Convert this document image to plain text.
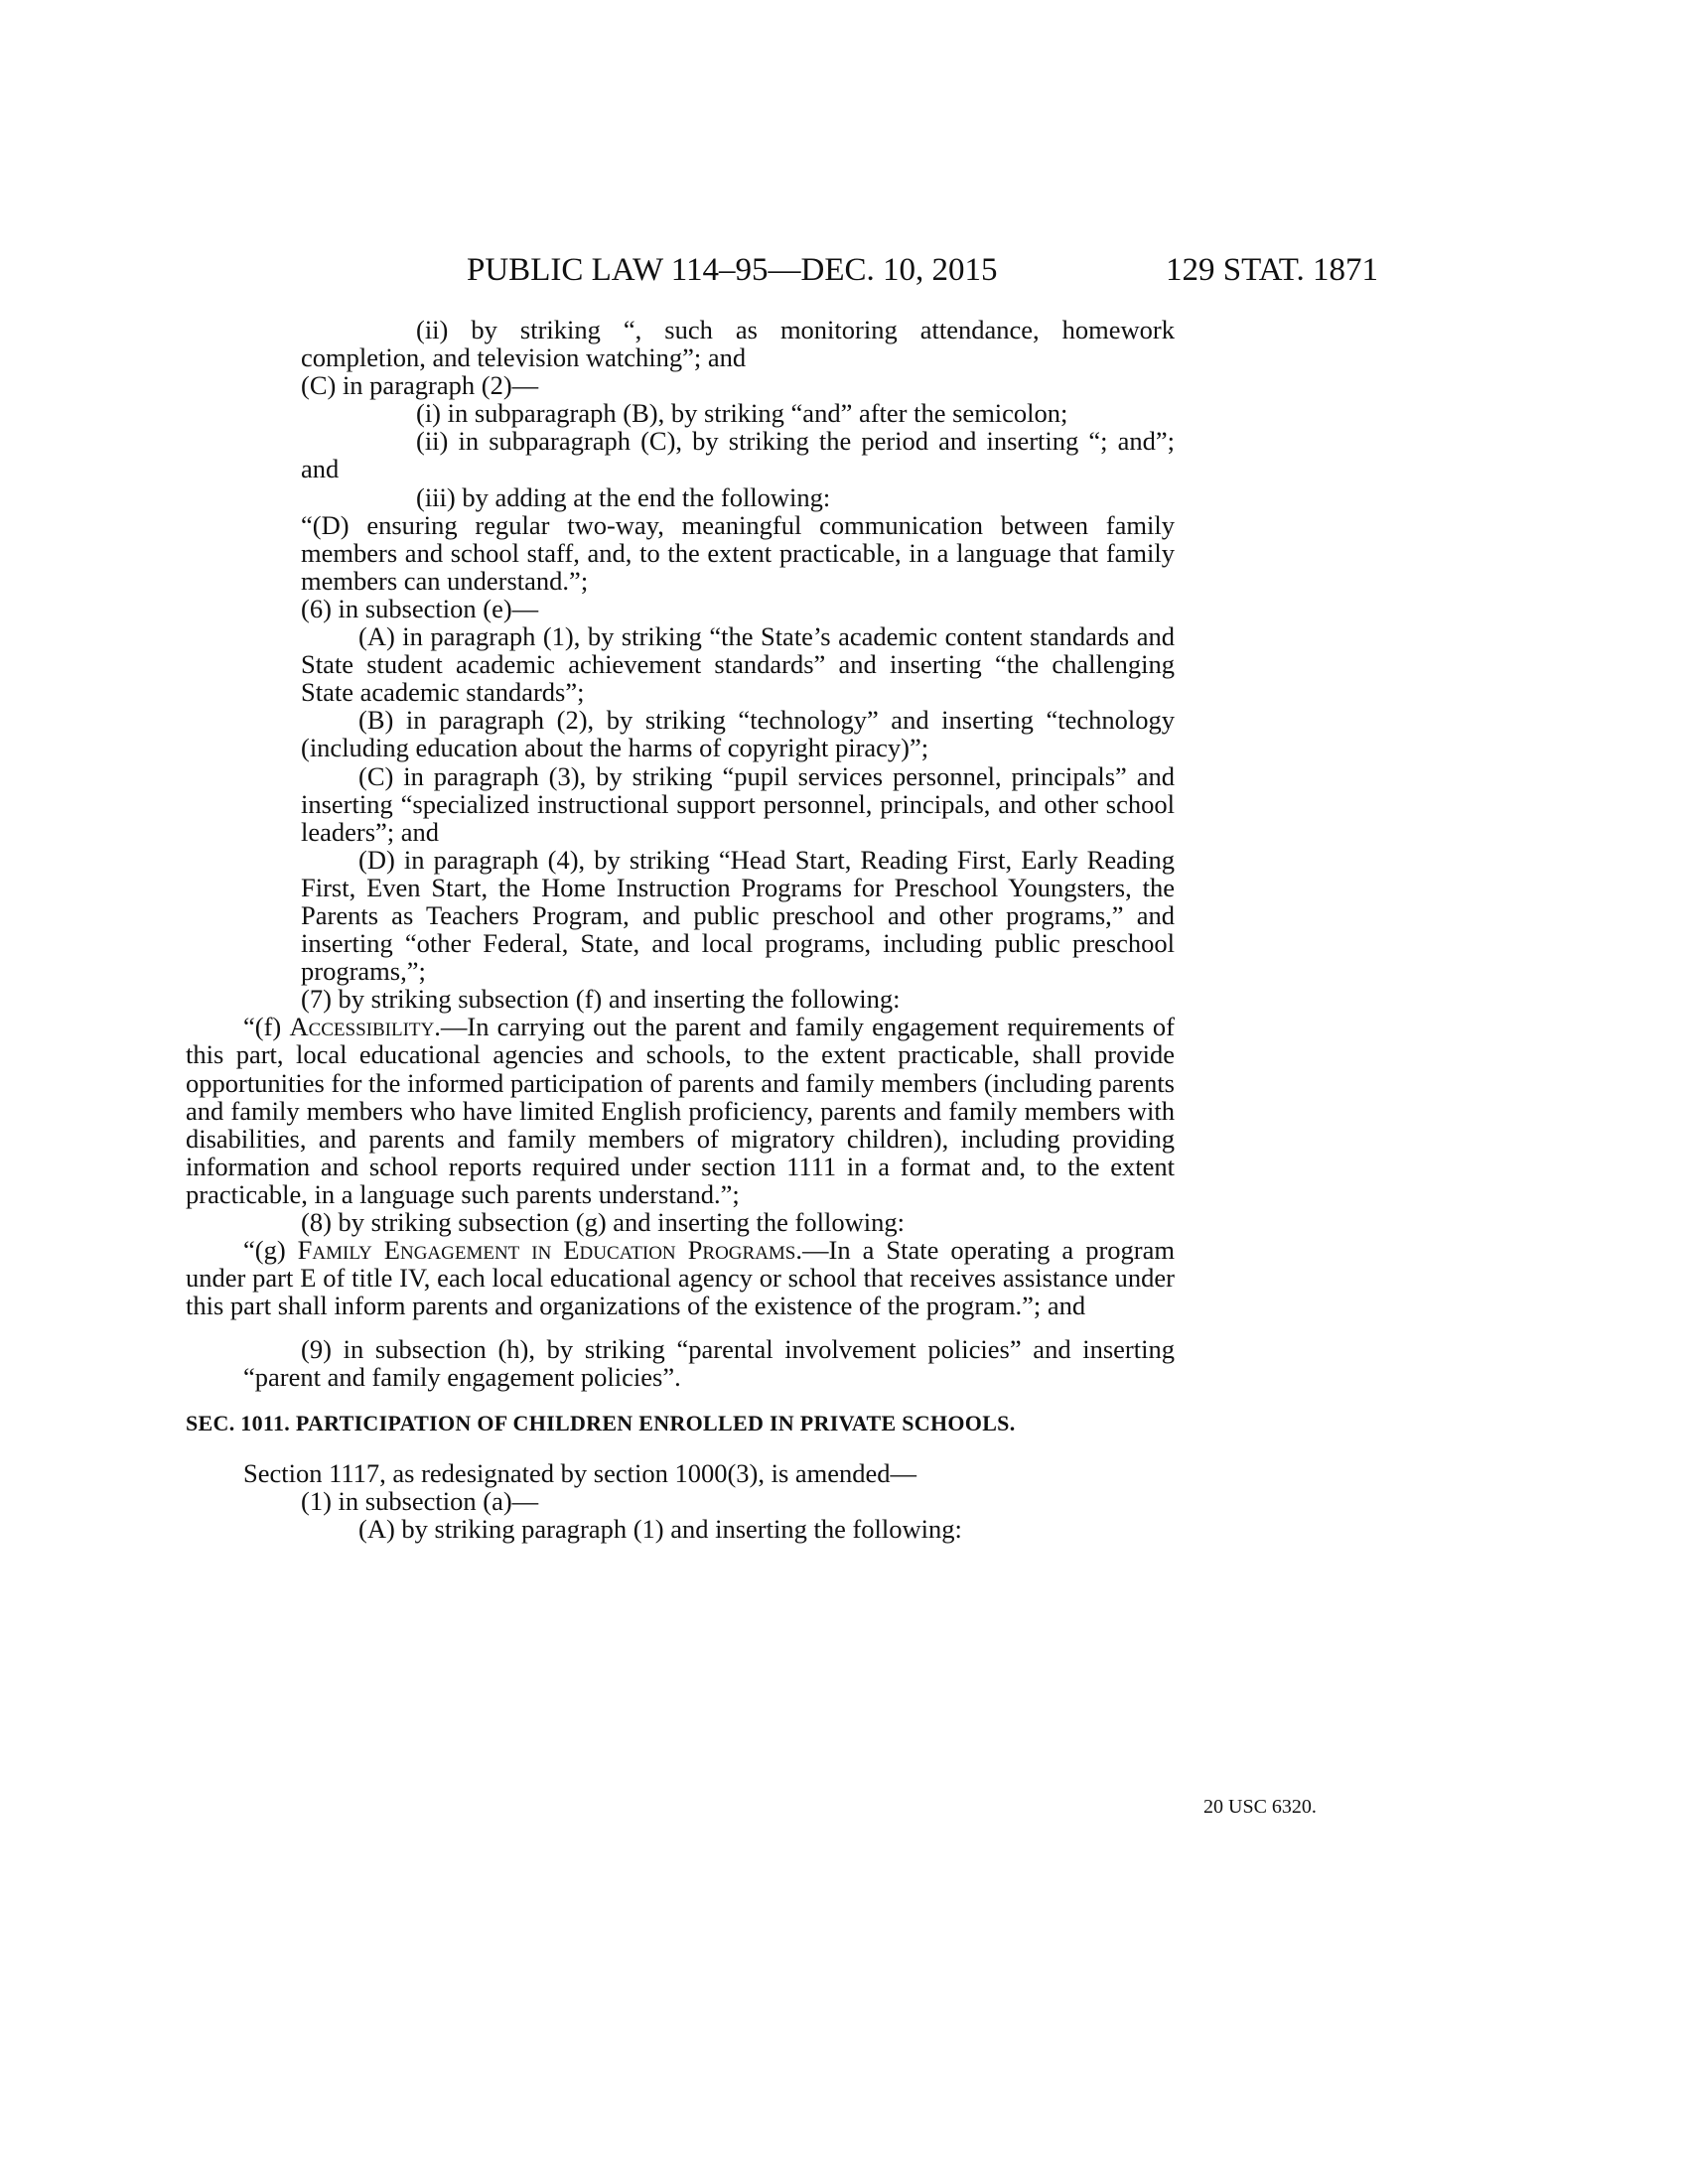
PUBLIC LAW 114–95—DEC. 10, 2015	129 STAT. 1871

(ii) by striking “, such as monitoring attendance, homework completion, and television watching”; and

(C) in paragraph (2)—

(i) in subparagraph (B), by striking “and” after the semicolon;

(ii) in subparagraph (C), by striking the period and inserting “; and”; and

(iii) by adding at the end the following:

“(D) ensuring regular two-way, meaningful communication between family members and school staff, and, to the extent practicable, in a language that family members can understand.”;

(6) in subsection (e)—

(A) in paragraph (1), by striking “the State’s academic content standards and State student academic achievement standards” and inserting “the challenging State academic standards”;

(B) in paragraph (2), by striking “technology” and inserting “technology (including education about the harms of copyright piracy)”;

(C) in paragraph (3), by striking “pupil services personnel, principals” and inserting “specialized instructional support personnel, principals, and other school leaders”; and

(D) in paragraph (4), by striking “Head Start, Reading First, Early Reading First, Even Start, the Home Instruction Programs for Preschool Youngsters, the Parents as Teachers Program, and public preschool and other programs,” and inserting “other Federal, State, and local programs, including public preschool programs,”;

(7) by striking subsection (f) and inserting the following:

“(f) Accessibility.—In carrying out the parent and family engagement requirements of this part, local educational agencies and schools, to the extent practicable, shall provide opportunities for the informed participation of parents and family members (including parents and family members who have limited English proficiency, parents and family members with disabilities, and parents and family members of migratory children), including providing information and school reports required under section 1111 in a format and, to the extent practicable, in a language such parents understand.”;

(8) by striking subsection (g) and inserting the following:

“(g) Family Engagement in Education Programs.—In a State operating a program under part E of title IV, each local educational agency or school that receives assistance under this part shall inform parents and organizations of the existence of the program.”; and

(9) in subsection (h), by striking “parental involvement policies” and inserting “parent and family engagement policies”.

SEC. 1011. PARTICIPATION OF CHILDREN ENROLLED IN PRIVATE SCHOOLS.

Section 1117, as redesignated by section 1000(3), is amended—

(1) in subsection (a)—

(A) by striking paragraph (1) and inserting the following:

20 USC 6320.
